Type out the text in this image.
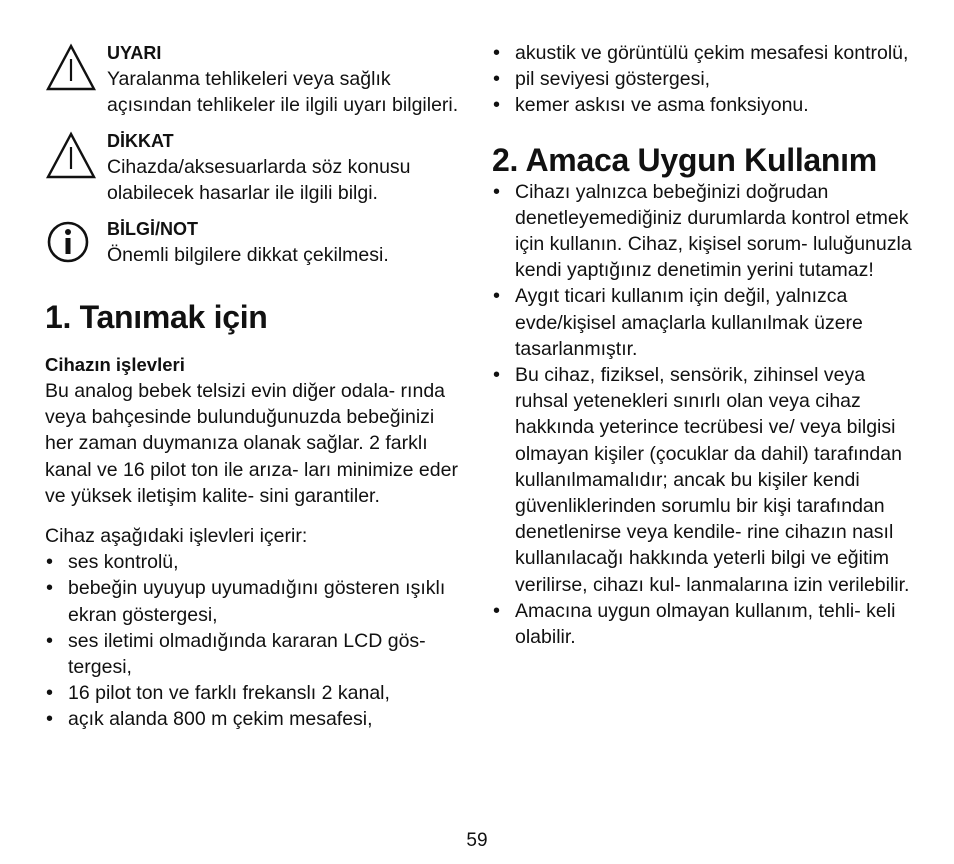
UYARI
Yaralanma tehlikeleri veya sağlık açısından tehlikeler ile ilgili uyarı bilgileri.
DİKKAT
Cihazda/aksesuarlarda söz konusu olabilecek hasarlar ile ilgili bilgi.
BİLGİ/NOT
Önemli bilgilere dikkat çekilmesi.
1. Tanımak için
Cihazın işlevleri

Bu analog bebek telsizi evin diğer odala- rında veya bahçesinde bulunduğunuzda bebeğinizi her zaman duymanıza olanak sağlar. 2 farklı kanal ve 16 pilot ton ile arıza- ları minimize eder ve yüksek iletişim kalite- sini garantiler.

Cihaz aşağıdaki işlevleri içerir:

• ses kontrolü,
• bebeğin uyuyup uyumadığını gösteren ışıklı ekran göstergesi,
• ses iletimi olmadığında kararan LCD gös- tergesi,
• 16 pilot ton ve farklı frekanslı 2 kanal,
• açık alanda 800 m çekim mesafesi,
• akustik ve görüntülü çekim mesafesi kontrolü,
• pil seviyesi göstergesi,
• kemer askısı ve asma fonksiyonu.
2. Amaca Uygun Kullanım
• Cihazı yalnızca bebeğinizi doğrudan denetleyemediğiniz durumlarda kontrol etmek için kullanın. Cihaz, kişisel sorum- luluğunuzla kendi yaptığınız denetimin yerini tutamaz!
• Aygıt ticari kullanım için değil, yalnızca evde/kişisel amaçlarla kullanılmak üzere tasarlanmıştır.
• Bu cihaz, fiziksel, sensörik, zihinsel veya ruhsal yetenekleri sınırlı olan veya cihaz hakkında yeterince tecrübesi ve/ veya bilgisi olmayan kişiler (çocuklar da dahil) tarafından kullanılmamalıdır; ancak bu kişiler kendi güvenliklerinden sorumlu bir kişi tarafından denetlenirse veya kendile- rine cihazın nasıl kullanılacağı hakkında yeterli bilgi ve eğitim verilirse, cihazı kul- lanmalarına izin verilebilir.
• Amacına uygun olmayan kullanım, tehli- keli olabilir.
59
